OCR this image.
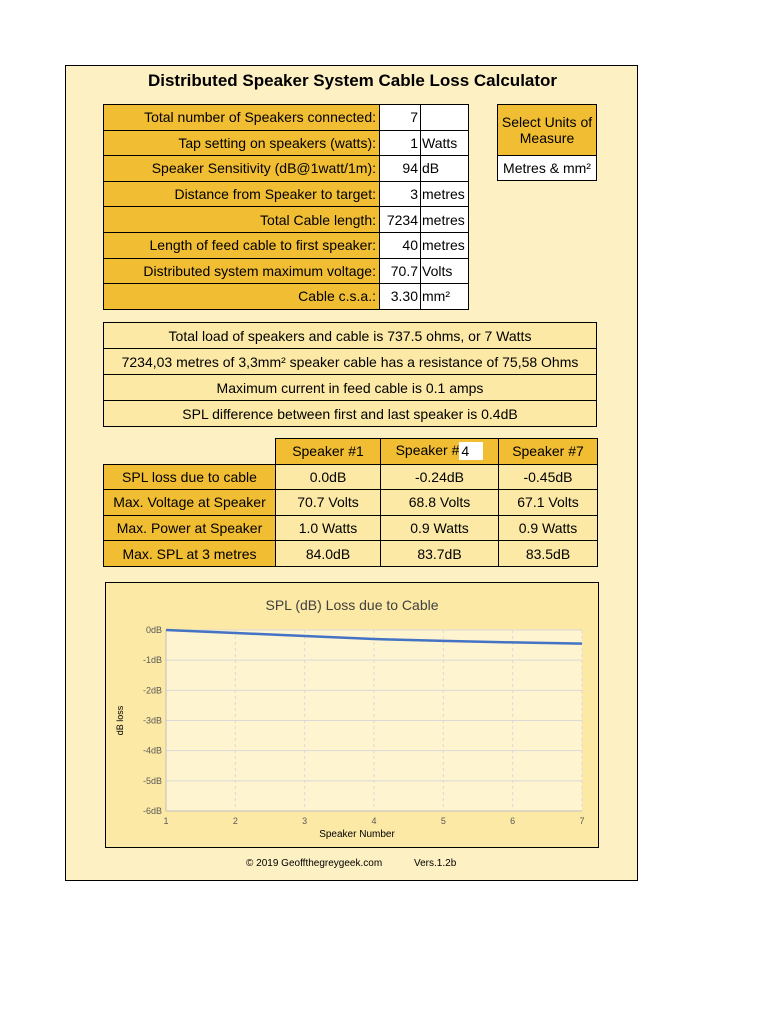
Distributed Speaker System Cable Loss Calculator
Total number of Speakers connected:	7	
Tap setting on speakers (watts):	1	Watts
Speaker Sensitivity (dB@1watt/1m):	94	dB
Distance from Speaker to target:	3	metres
Total Cable length:	7234	metres
Length of feed cable to first speaker:	40	metres
Distributed system maximum voltage:	70.7	Volts
Cable c.s.a.:	3.30	mm²
Select Units of Measure
Metres & mm²
Total load of speakers and cable is 737.5 ohms, or 7 Watts
7234,03 metres of 3,3mm² speaker cable has a resistance of 75,58 Ohms
Maximum current in feed cable is 0.1 amps
SPL difference between first and last speaker is 0.4dB
	Speaker #1	Speaker #4	Speaker #7
SPL loss due to cable	0.0dB	-0.24dB	-0.45dB
Max. Voltage at Speaker	70.7 Volts	68.8 Volts	67.1 Volts
Max. Power at Speaker	1.0 Watts	0.9 Watts	0.9 Watts
Max. SPL at 3 metres	84.0dB	83.7dB	83.5dB
0dB
-1dB
-2dB
-3dB
-4dB
-5dB
-6dB
1	2	3	4	5	6	7
SPL (dB) Loss due to Cable
Speaker Number
dB loss
© 2019 Geoffthegreygeek.com	Vers.1.2b
